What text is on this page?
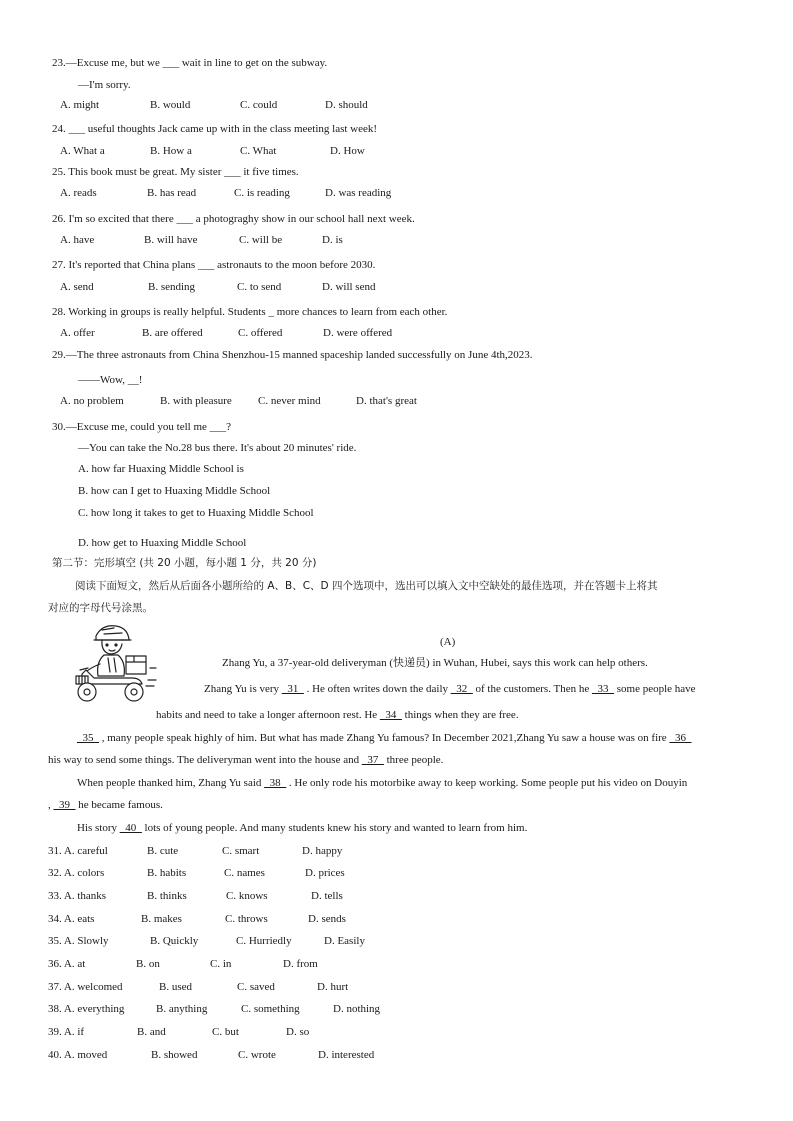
23.—Excuse me, but we ___ wait in line to get on the subway.
—I'm sorry.
A. might	B. would	C. could	D. should
24. ___ useful thoughts Jack came up with in the class meeting last week!
A. What a	B. How a	C. What	D. How
25. This book must be great. My sister ___ it five times.
A. reads	B. has read	C. is reading	D. was reading
26. I'm so excited that there ___ a photograghy show in our school hall next week.
A. have	B. will have	C. will be	D. is
27. It's reported that China plans ___ astronauts to the moon before 2030.
A. send	B. sending	C. to send	D. will send
28. Working in groups is really helpful. Students _ more chances to learn from each other.
A. offer	B. are offered	C. offered	D. were offered
29.—The three astronauts from China Shenzhou-15 manned spaceship landed successfully on June 4th,2023.
——Wow, __!
A. no problem	B. with pleasure C. never mind	D. that's great
30.—Excuse me, could you tell me ___?
—You can take the No.28 bus there. It's about 20 minutes' ride.
A. how far Huaxing Middle School is
B. how can I get to Huaxing Middle School
C. how long it takes to get to Huaxing Middle School
D. how get to Huaxing Middle School
第二节：完形填空 (共 20 小题，每小题 1 分，共 20 分)
阅读下面短文，然后从后面各小题所给的 A、B、C、D 四个选项中，选出可以填入文中空缺处的最佳选项，并在答题卡上将其
对应的字母代号涂黑。
(A)
Zhang Yu, a 37-year-old deliveryman (快递员) in Wuhan, Hubei, says this work can help others.
Zhang Yu is very _31_ . He often writes down the daily _32_ of the customers. Then he _33_ some people have
habits and need to take a longer afternoon rest. He _34_ things when they are free.
_35_ , many people speak highly of him. But what has made Zhang Yu famous? In December 2021,Zhang Yu saw a house was on fire _36_
his way to send some things. The deliveryman went into the house and _37_ three people.
When people thanked him, Zhang Yu said _38_ . He only rode his motorbike away to keep working. Some people put his video on Douyin
, _39_ he became famous.
His story _40_ lots of young people. And many students knew his story and wanted to learn from him.
31. A. careful	B. cute	C. smart	D. happy
32. A. colors	B. habits	C. names	D. prices
33. A. thanks	B. thinks	C. knows	D. tells
34. A. eats	B. makes	C. throws	D. sends
35. A. Slowly	B. Quickly	C. Hurriedly	D. Easily
36. A. at	B. on	C. in	D. from
37. A. welcomed	B. used	C. saved	D. hurt
38. A. everything	B. anything	C. something	D. nothing
39. A. if	B. and	C. but	D. so
40. A. moved	B. showed	C. wrote	D. interested
